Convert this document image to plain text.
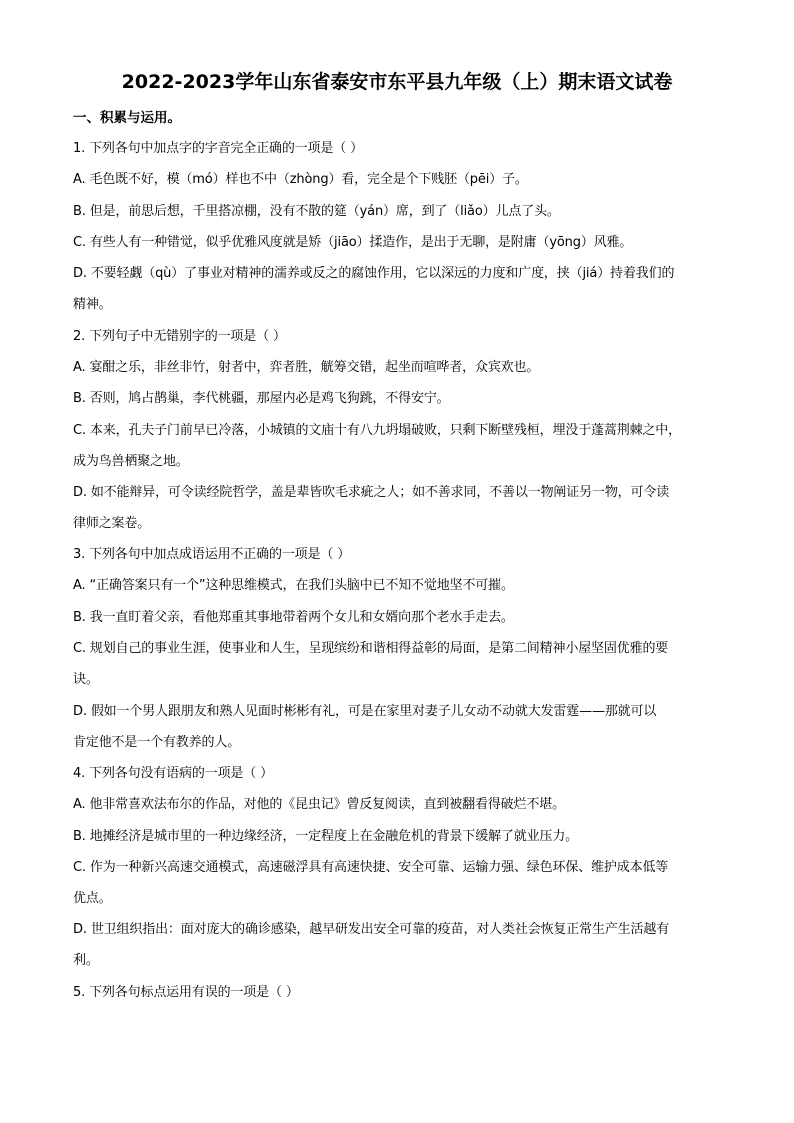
2022-2023学年山东省泰安市东平县九年级（上）期末语文试卷
一、积累与运用。
1. 下列各句中加点字的字音完全正确的一项是（ ）
A. 毛色既不好，模（mó）样也不中（zhòng）看，完全是个下贱胚（pēi）子。
B. 但是，前思后想，千里搭凉棚，没有不散的筵（yán）席，到了（liǎo）儿点了头。
C. 有些人有一种错觉，似乎优雅风度就是矫（jiāo）揉造作，是出于无聊，是附庸（yōng）风雅。
D. 不要轻觑（qù）了事业对精神的濡养或反之的腐蚀作用，它以深远的力度和广度，挟（jiá）持着我们的
精神。
2. 下列句子中无错别字的一项是（ ）
A. 宴酣之乐，非丝非竹，射者中，弈者胜，觥筹交错，起坐而喧哗者，众宾欢也。
B. 否则，鸠占鹊巢，李代桃疆，那屋内必是鸡飞狗跳，不得安宁。
C. 本来，孔夫子门前早已冷落，小城镇的文庙十有八九坍塌破败，只剩下断壁残桓，埋没于蓬蒿荆棘之中，
成为鸟兽栖聚之地。
D. 如不能辩异，可令读经院哲学，盖是辈皆吹毛求疵之人；如不善求同，不善以一物阐证另一物，可令读
律师之案卷。
3. 下列各句中加点成语运用不正确的一项是（ ）
A. “正确答案只有一个”这种思维模式，在我们头脑中已不知不觉地坚不可摧。
B. 我一直盯着父亲，看他郑重其事地带着两个女儿和女婿向那个老水手走去。
C. 规划自己的事业生涯，使事业和人生，呈现缤纷和谐相得益彰的局面，是第二间精神小屋坚固优雅的要
诀。
D. 假如一个男人跟朋友和熟人见面时彬彬有礼，可是在家里对妻子儿女动不动就大发雷霆——那就可以
肯定他不是一个有教养的人。
4. 下列各句没有语病的一项是（ ）
A. 他非常喜欢法布尔的作品，对他的《昆虫记》曾反复阅读，直到被翻看得破烂不堪。
B. 地摊经济是城市里的一种边缘经济，一定程度上在金融危机的背景下缓解了就业压力。
C. 作为一种新兴高速交通模式，高速磁浮具有高速快捷、安全可靠、运输力强、绿色环保、维护成本低等
优点。
D. 世卫组织指出：面对庞大的确诊感染，越早研发出安全可靠的疫苗，对人类社会恢复正常生产生活越有
利。
5. 下列各句标点运用有误的一项是（ ）
